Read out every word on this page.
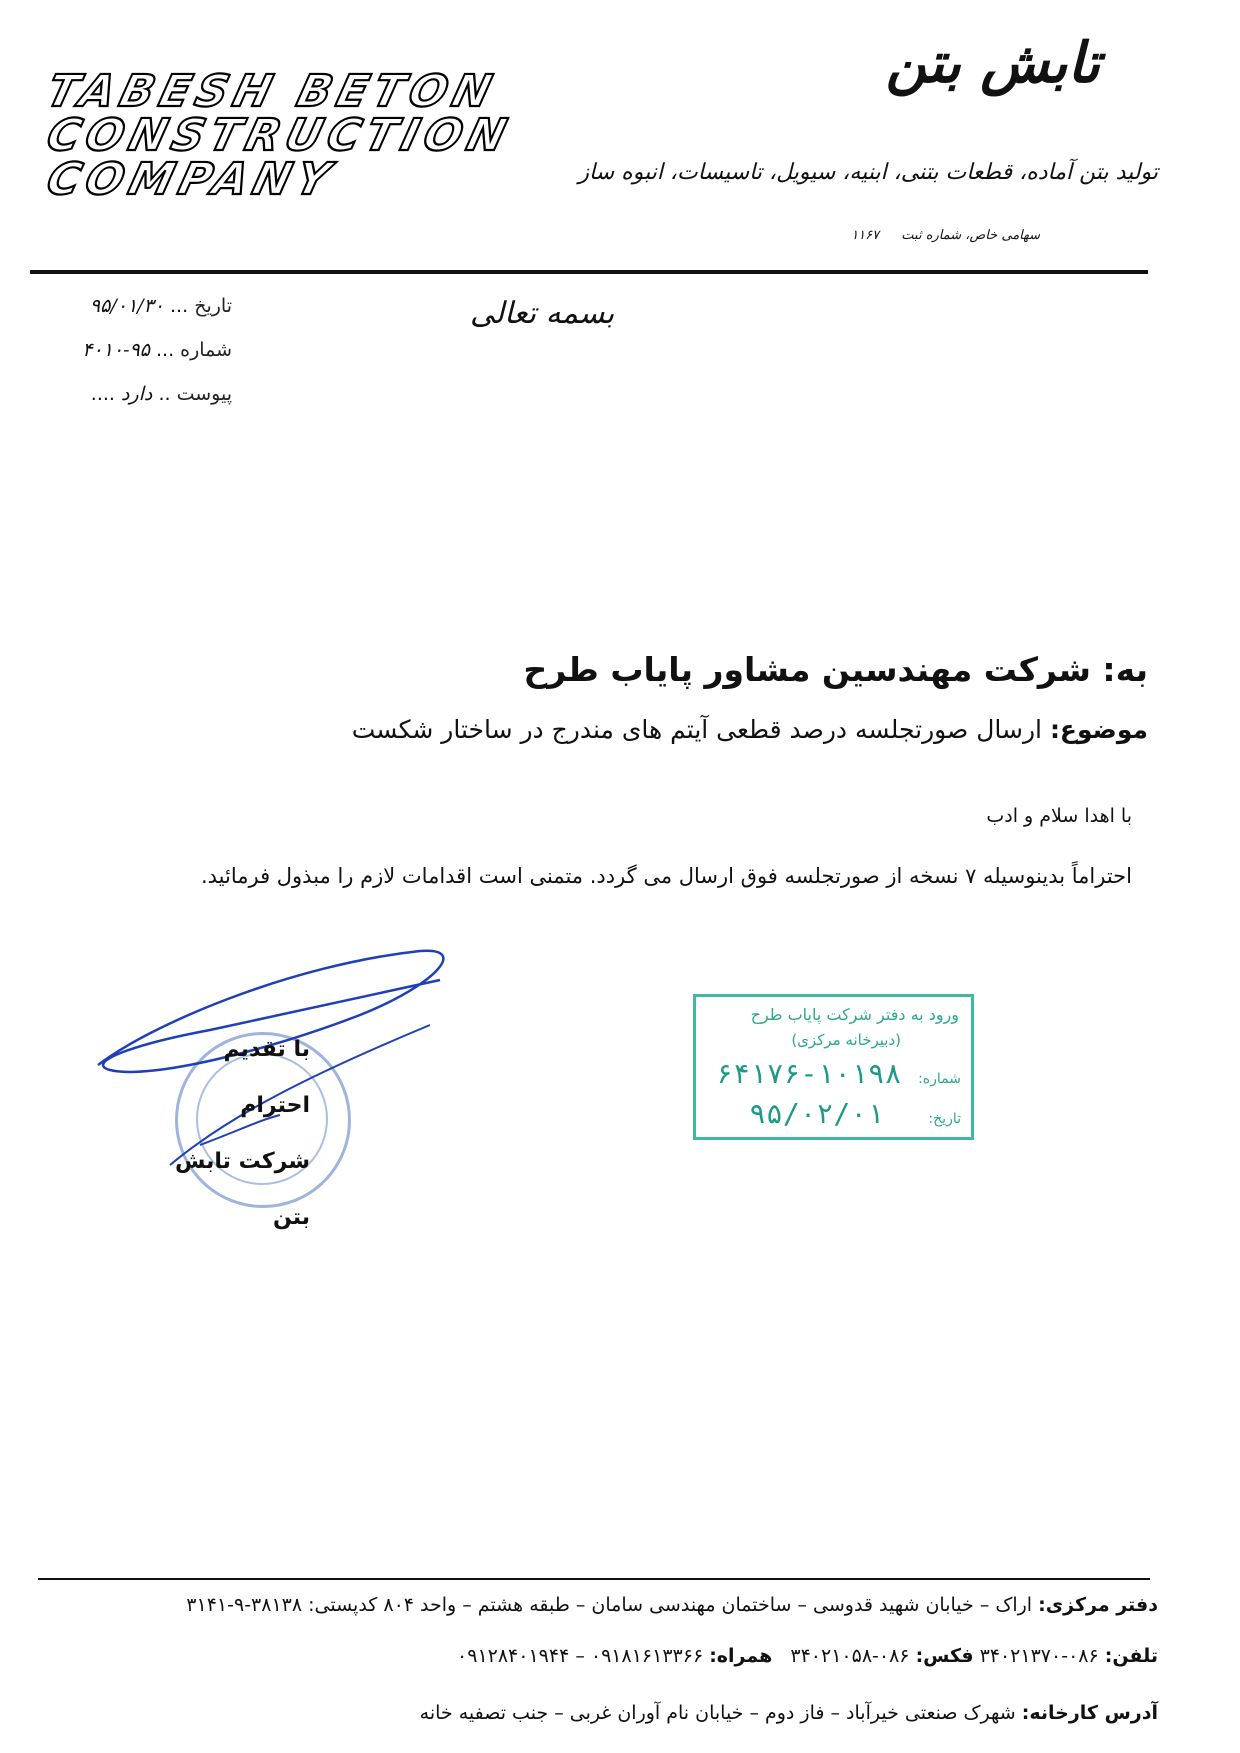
TABESH BETON
CONSTRUCTION
COMPANY
تابش بتن
تولید بتن آماده، قطعات بتنی، ابنیه، سیویل، تاسیسات، انبوه ساز
سهامی خاص، شماره ثبت ۱۱۶۷
تاریخ ... ۹۵/۰۱/۳۰
شماره ... ۹۵-۴۰۱۰
پیوست .. دارد ....
بسمه تعالی
به: شرکت مهندسین مشاور پایاب طرح
موضوع: ارسال صورتجلسه درصد قطعی آیتم های مندرج در ساختار شکست
با اهدا سلام و ادب
احتراماً بدینوسیله ۷ نسخه از صورتجلسه فوق ارسال می گردد. متمنی است اقدامات لازم را مبذول فرمائید.
با تقدیم احترام
شرکت تابش بتن
ورود به دفتر شرکت پایاب طرح
(دبیرخانه مرکزی)
شماره: ۱۰۱۹۸-۶۴۱۷۶
تاریخ: ۹۵/۰۲/۰۱
دفتر مرکزی: اراک – خیابان شهید قدوسی – ساختمان مهندسی سامان – طبقه هشتم – واحد ۸۰۴ کدپستی: ۳۸۱۳۸-۹-۳۱۴۱
تلفن: ۰۸۶-۳۴۰۲۱۳۷۰ فکس: ۰۸۶-۳۴۰۲۱۰۵۸   همراه: ۰۹۱۸۱۶۱۳۳۶۶ – ۰۹۱۲۸۴۰۱۹۴۴
آدرس کارخانه: شهرک صنعتی خیرآباد – فاز دوم – خیابان نام آوران غربی – جنب تصفیه خانه
